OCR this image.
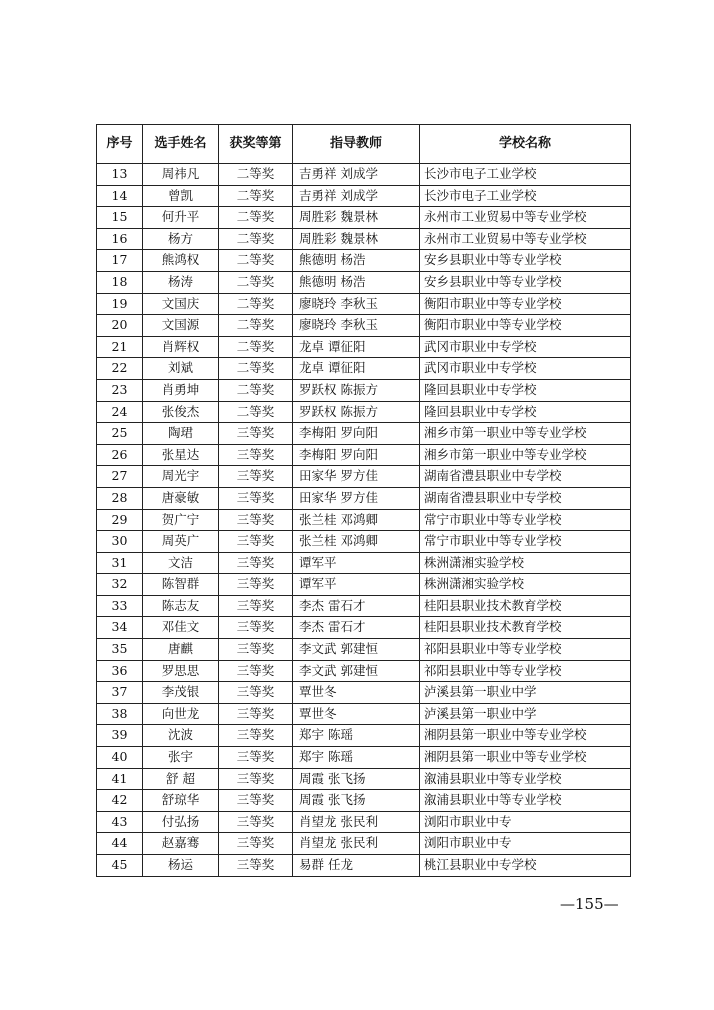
序号	选手姓名	获奖等第	指导教师	学校名称
13	周祎凡	二等奖	吉勇祥 刘成学	长沙市电子工业学校
14	曾凯	二等奖	吉勇祥 刘成学	长沙市电子工业学校
15	何升平	二等奖	周胜彩 魏景林	永州市工业贸易中等专业学校
16	杨方	二等奖	周胜彩 魏景林	永州市工业贸易中等专业学校
17	熊鸿权	二等奖	熊德明 杨浩	安乡县职业中等专业学校
18	杨涛	二等奖	熊德明 杨浩	安乡县职业中等专业学校
19	文国庆	二等奖	廖晓玲 李秋玉	衡阳市职业中等专业学校
20	文国源	二等奖	廖晓玲 李秋玉	衡阳市职业中等专业学校
21	肖辉权	二等奖	龙卓 谭征阳	武冈市职业中专学校
22	刘斌	二等奖	龙卓 谭征阳	武冈市职业中专学校
23	肖勇坤	二等奖	罗跃权 陈振方	隆回县职业中专学校
24	张俊杰	二等奖	罗跃权 陈振方	隆回县职业中专学校
25	陶珺	三等奖	李梅阳 罗向阳	湘乡市第一职业中等专业学校
26	张星达	三等奖	李梅阳 罗向阳	湘乡市第一职业中等专业学校
27	周光宇	三等奖	田家华 罗方佳	湖南省澧县职业中专学校
28	唐豪敏	三等奖	田家华 罗方佳	湖南省澧县职业中专学校
29	贺广宁	三等奖	张兰桂 邓鸿卿	常宁市职业中等专业学校
30	周英广	三等奖	张兰桂 邓鸿卿	常宁市职业中等专业学校
31	文洁	三等奖	谭军平	株洲潇湘实验学校
32	陈智群	三等奖	谭军平	株洲潇湘实验学校
33	陈志友	三等奖	李杰 雷石才	桂阳县职业技术教育学校
34	邓佳文	三等奖	李杰 雷石才	桂阳县职业技术教育学校
35	唐麒	三等奖	李文武 郭建恒	祁阳县职业中等专业学校
36	罗思思	三等奖	李文武 郭建恒	祁阳县职业中等专业学校
37	李茂银	三等奖	覃世冬	泸溪县第一职业中学
38	向世龙	三等奖	覃世冬	泸溪县第一职业中学
39	沈波	三等奖	郑宇 陈瑶	湘阴县第一职业中等专业学校
40	张宇	三等奖	郑宇 陈瑶	湘阴县第一职业中等专业学校
41	舒 超	三等奖	周霞 张飞扬	溆浦县职业中等专业学校
42	舒琼华	三等奖	周霞 张飞扬	溆浦县职业中等专业学校
43	付弘扬	三等奖	肖望龙 张民利	浏阳市职业中专
44	赵嘉骞	三等奖	肖望龙 张民利	浏阳市职业中专
45	杨运	三等奖	易群 任龙	桃江县职业中专学校
—155—
